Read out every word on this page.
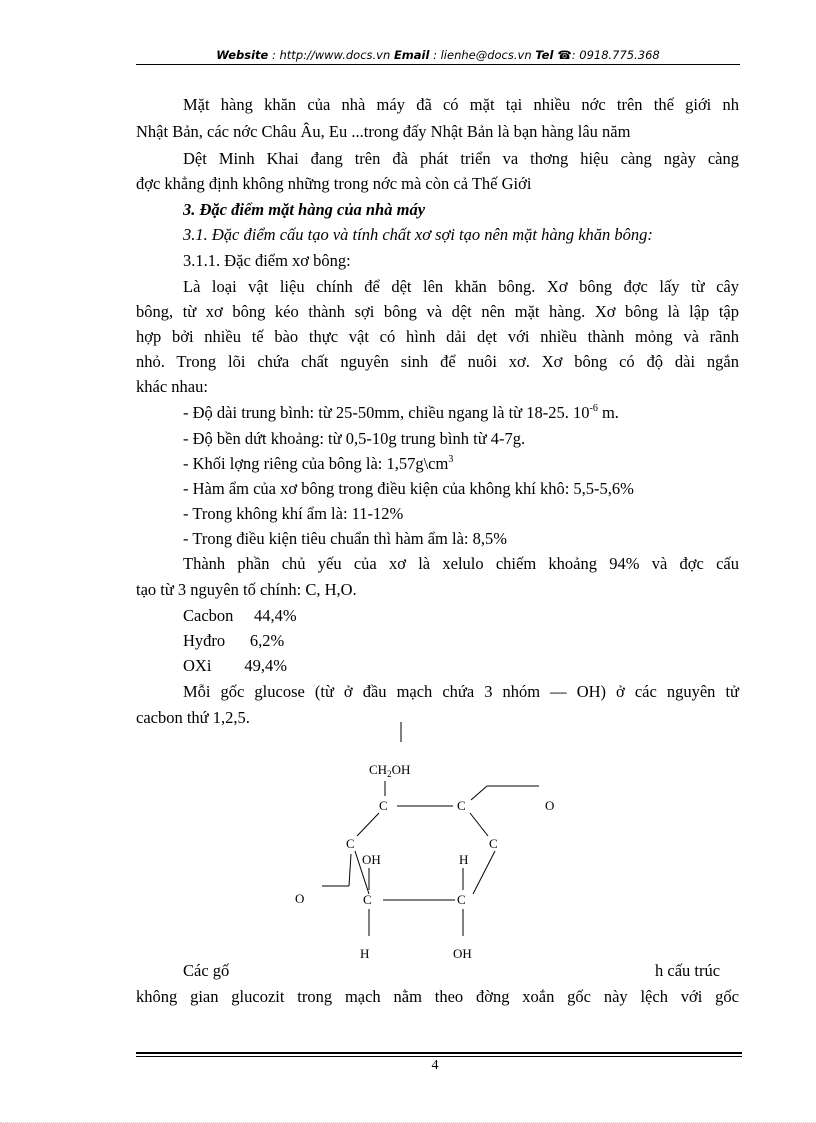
Website : http://www.docs.vn Email : lienhe@docs.vn Tel ☎: 0918.775.368
Mặt hàng khăn của nhà máy đã có mặt tại nhiều nớc trên thế giới nh
Nhật Bản, các nớc Châu Âu, Eu ...trong đấy Nhật Bản là bạn hàng lâu năm
Dệt Minh Khai đang trên đà phát triển va thơng hiệu càng ngày càng
đợc khẳng định không những trong nớc mà còn cả Thế Giới
3. Đặc điểm mặt hàng của nhà máy
3.1. Đặc điểm cấu tạo và tính chất xơ sợi tạo nên mặt hàng khăn bông:
3.1.1. Đặc điểm xơ bông:
Là loại vật liệu chính để dệt lên khăn bông. Xơ bông đợc lấy từ cây
bông, từ xơ bông kéo thành sợi bông và dệt nên mặt hàng. Xơ bông là lập tập
hợp bởi nhiều tế bào thực vật có hình dải dẹt với nhiều thành mỏng và rãnh
nhỏ. Trong lõi chứa chất nguyên sinh để nuôi xơ. Xơ bông có độ dài ngắn
khác nhau:
- Độ dài trung bình: từ 25-50mm, chiều ngang là từ 18-25. $10^{-6}$ m.
- Độ bền dứt khoảng: từ 0,5-10g trung bình từ 4-7g.
- Khối lợng riêng của bông là: $1,57g\backslash cm^3$
- Hàm ẩm của xơ bông trong điều kiện của không khí khô: 5,5-5,6%
- Trong không khí ẩm là: 11-12%
- Trong điều kiện tiêu chuẩn thì hàm ẩm là: 8,5%
Thành phần chủ yếu của xơ là xelulo chiếm khoảng 94% và đợc cấu
tạo từ 3 nguyên tố chính: C, H,O.
Cacbon     44,4%
Hyđro      6,2%
OXi        49,4%
Mỗi gốc glucose (từ ở đầu mạch chứa 3 nhóm — OH) ở các nguyên tử
cacbon thứ 1,2,5.
$CH_2OH$
C	C	O
C	C
OH	H
O	C	C
H	OH
Các gố	h cấu trúc
không gian glucozit trong mạch nằm theo đờng xoắn gốc này lệch với gốc
4
